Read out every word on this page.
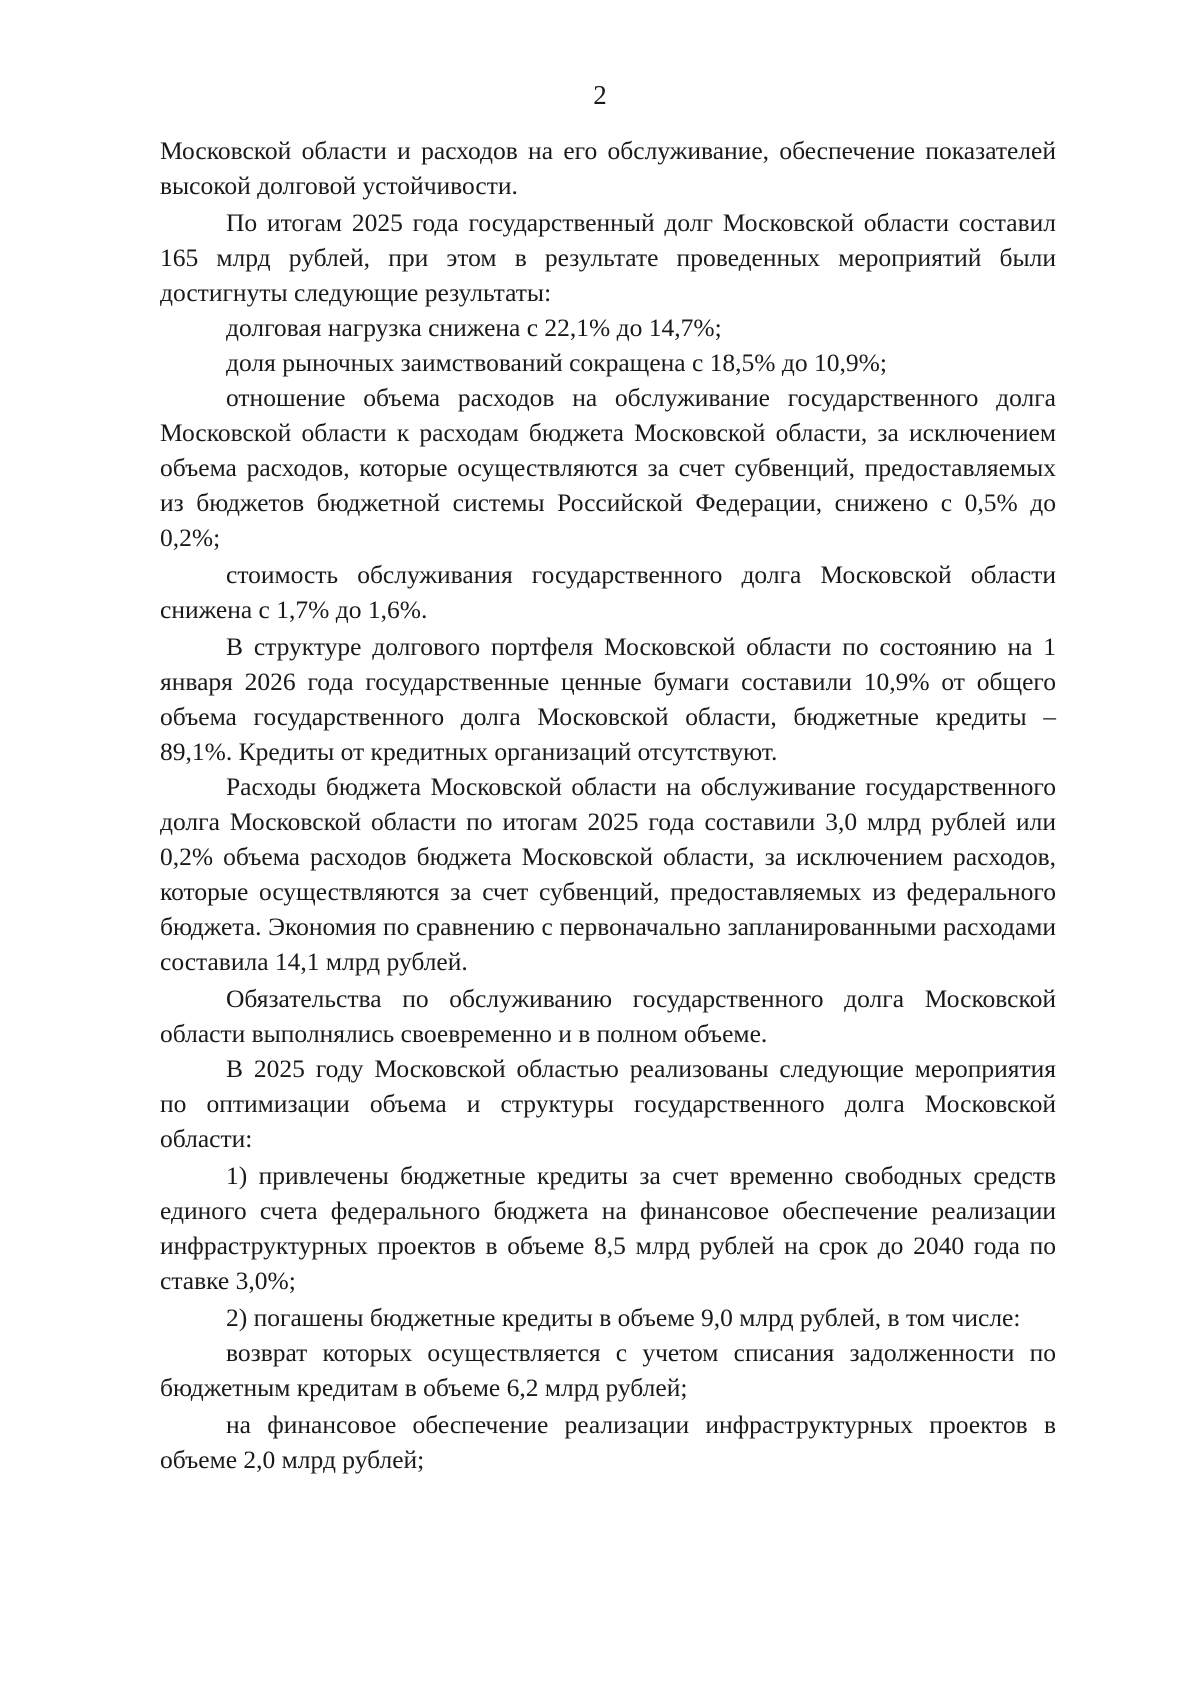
2

Московской области и расходов на его обслуживание, обеспечение показателей высокой долговой устойчивости.

По итогам 2025 года государственный долг Московской области составил 165 млрд рублей, при этом в результате проведенных мероприятий были достигнуты следующие результаты:

долговая нагрузка снижена с 22,1% до 14,7%;

доля рыночных заимствований сокращена с 18,5% до 10,9%;

отношение объема расходов на обслуживание государственного долга Московской области к расходам бюджета Московской области, за исключением объема расходов, которые осуществляются за счет субвенций, предоставляемых из бюджетов бюджетной системы Российской Федерации, снижено с 0,5% до 0,2%;

стоимость обслуживания государственного долга Московской области снижена с 1,7% до 1,6%.

В структуре долгового портфеля Московской области по состоянию на 1 января 2026 года государственные ценные бумаги составили 10,9% от общего объема государственного долга Московской области, бюджетные кредиты – 89,1%. Кредиты от кредитных организаций отсутствуют.

Расходы бюджета Московской области на обслуживание государственного долга Московской области по итогам 2025 года составили 3,0 млрд рублей или 0,2% объема расходов бюджета Московской области, за исключением расходов, которые осуществляются за счет субвенций, предоставляемых из федерального бюджета. Экономия по сравнению с первоначально запланированными расходами составила 14,1 млрд рублей.

Обязательства по обслуживанию государственного долга Московской области выполнялись своевременно и в полном объеме.

В 2025 году Московской областью реализованы следующие мероприятия по оптимизации объема и структуры государственного долга Московской области:

1) привлечены бюджетные кредиты за счет временно свободных средств единого счета федерального бюджета на финансовое обеспечение реализации инфраструктурных проектов в объеме 8,5 млрд рублей на срок до 2040 года по ставке 3,0%;

2) погашены бюджетные кредиты в объеме 9,0 млрд рублей, в том числе:

возврат которых осуществляется с учетом списания задолженности по бюджетным кредитам в объеме 6,2 млрд рублей;

на финансовое обеспечение реализации инфраструктурных проектов в объеме 2,0 млрд рублей;
